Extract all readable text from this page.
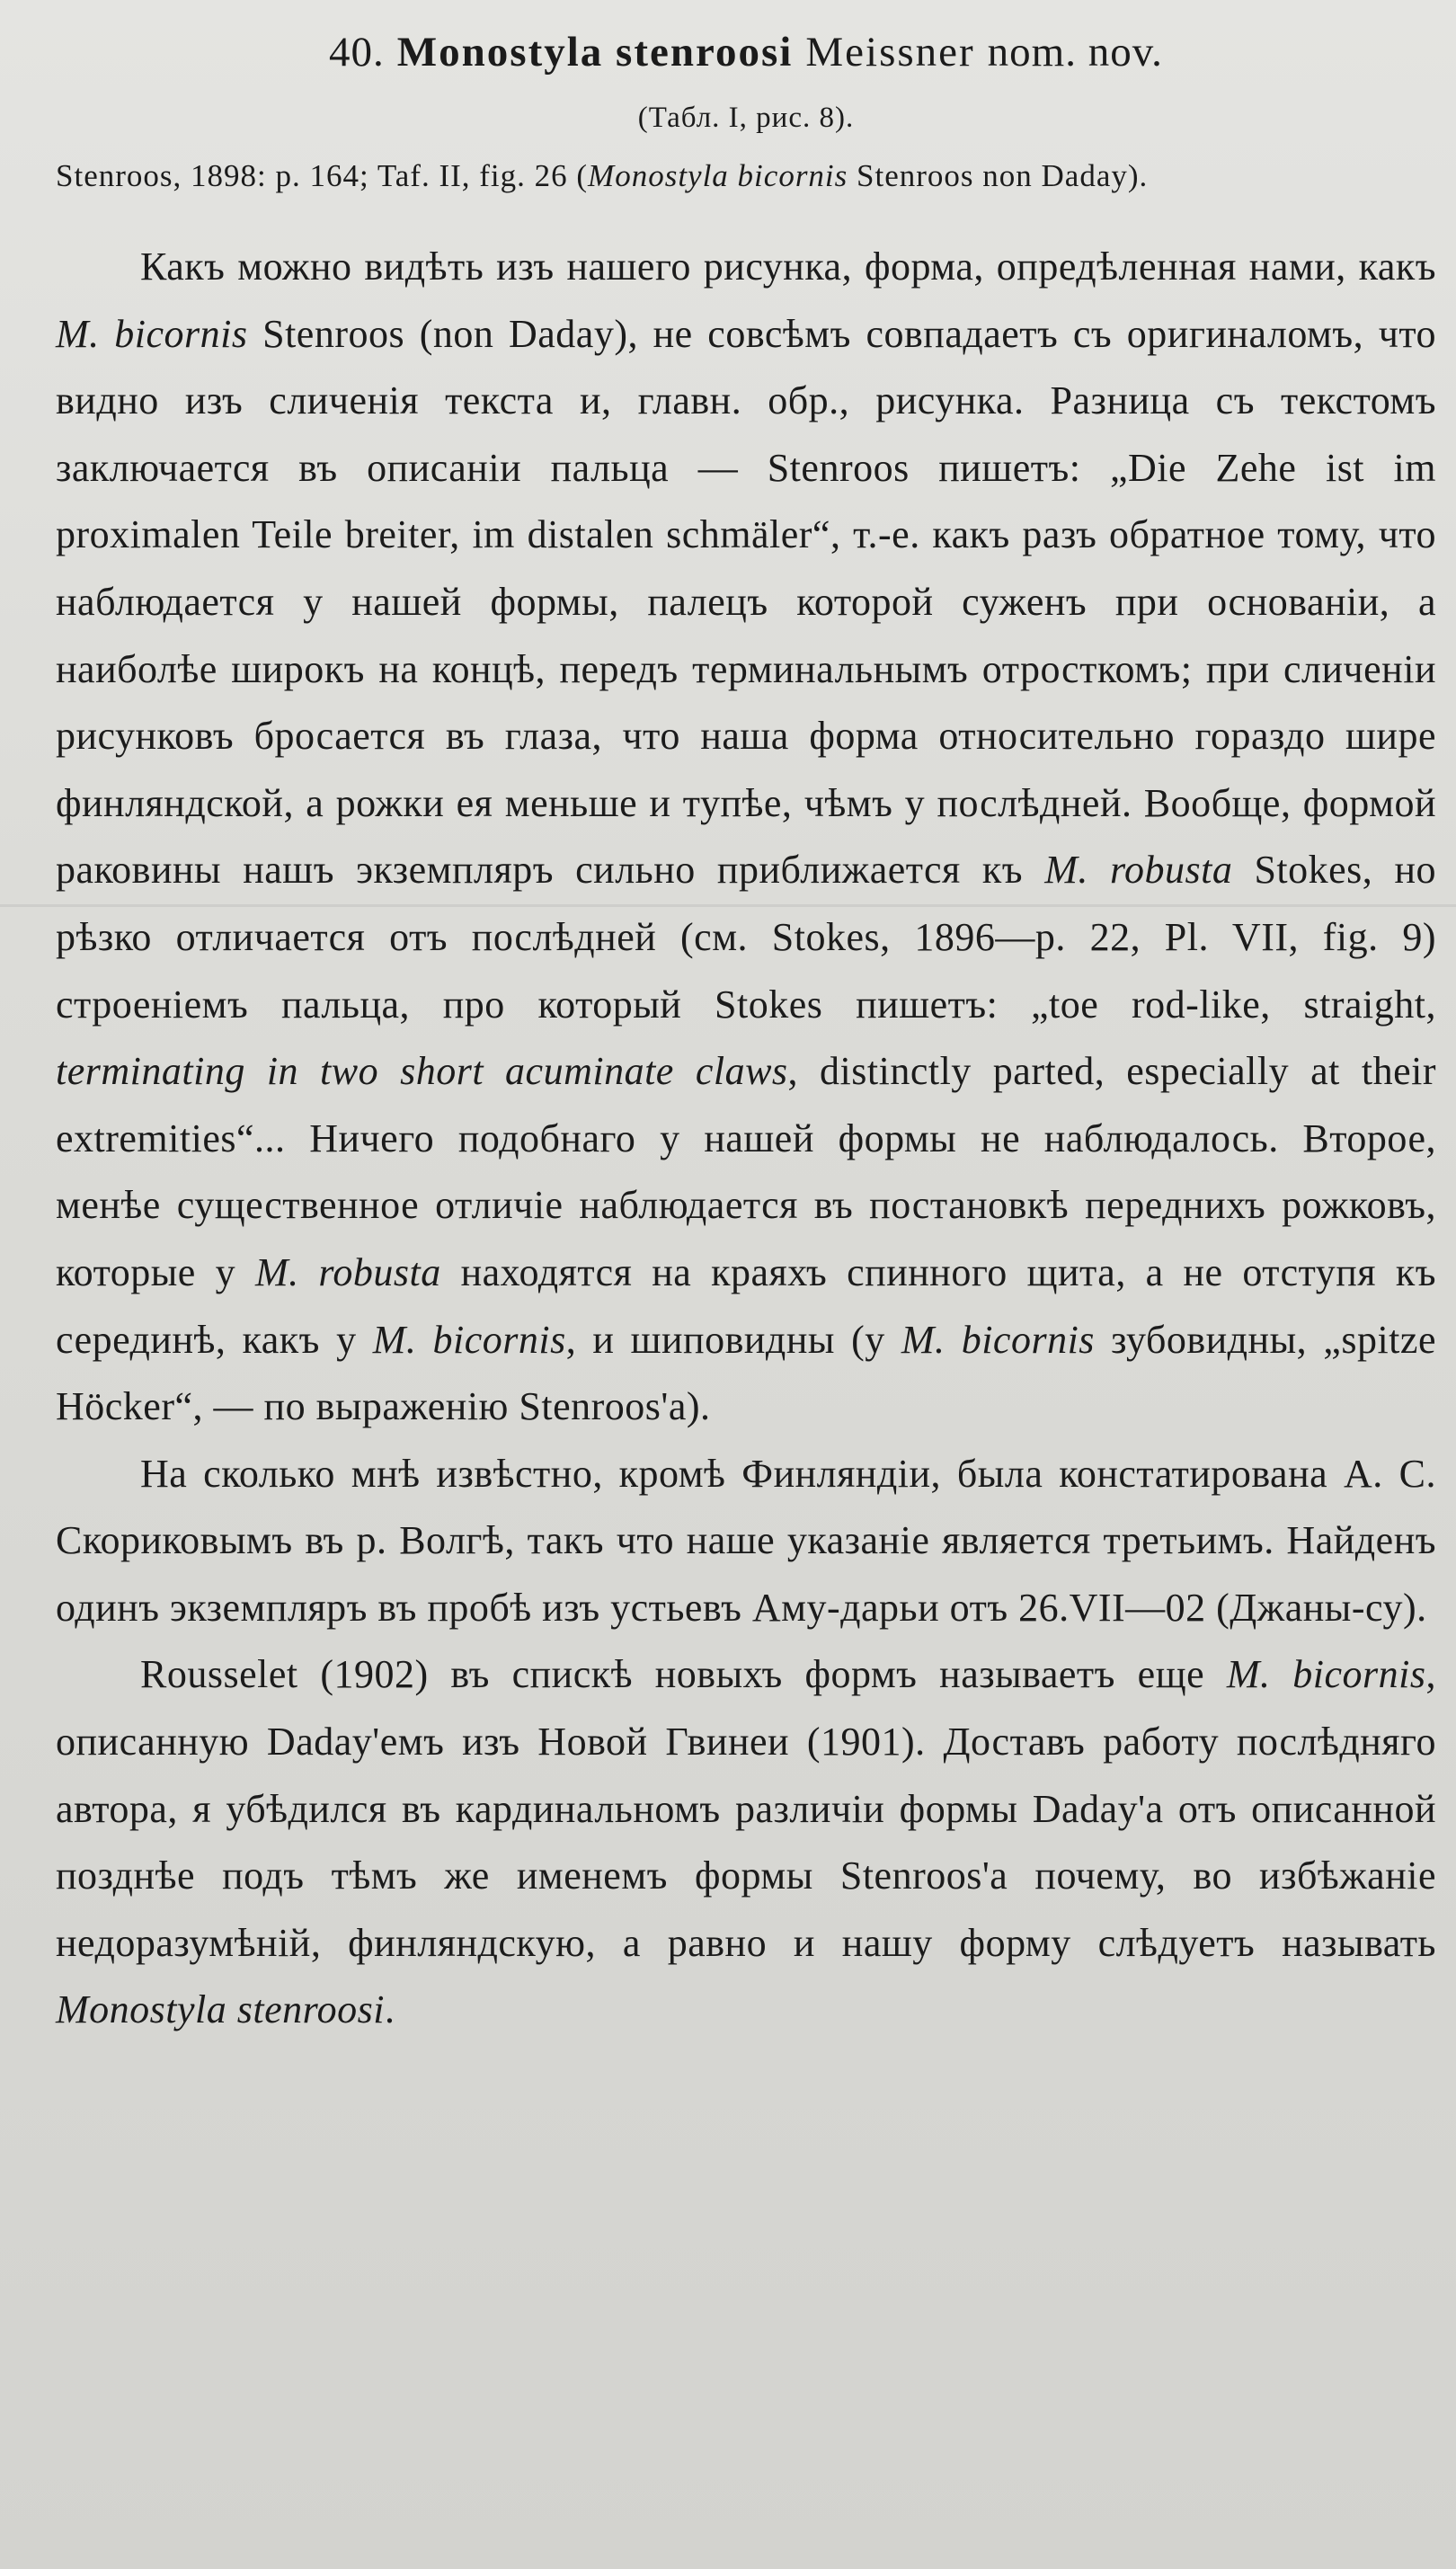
40. Monostyla stenroosi Meissner nom. nov.
(Табл. I, рис. 8).
Stenroos, 1898: p. 164; Taf. II, fig. 26 (Monostyla bicornis Stenroos non Daday).

Какъ можно видѣть изъ нашего рисунка, форма, опредѣленная нами, какъ M. bicornis Stenroos (non Daday), не совсѣмъ совпадаетъ съ оригиналомъ, что видно изъ сличенія текста и, главн. обр., рисунка. Разница съ текстомъ заключается въ описаніи пальца — Stenroos пишетъ: „Die Zehe ist im proximalen Teile breiter, im distalen schmäler“, т.-е. какъ разъ обратное тому, что наблюдается у нашей формы, палецъ которой суженъ при основаніи, а наиболѣе широкъ на концѣ, передъ терминальнымъ отросткомъ; при сличеніи рисунковъ бросается въ глаза, что наша форма относительно гораздо шире финляндской, а рожки ея меньше и тупѣе, чѣмъ у послѣдней. Вообще, формой раковины нашъ экземпляръ сильно приближается къ M. robusta Stokes, но рѣзко отличается отъ послѣдней (см. Stokes, 1896—p. 22, Pl. VII, fig. 9) строеніемъ пальца, про который Stokes пишетъ: „toe rod-like, straight, terminating in two short acuminate claws, distinctly parted, especially at their extremities“... Ничего подобнаго у нашей формы не наблюдалось. Второе, менѣе существенное отличіе наблюдается въ постановкѣ переднихъ рожковъ, которые у M. robusta находятся на краяхъ спинного щита, а не отступя къ серединѣ, какъ у M. bicornis, и шиповидны (у M. bicornis зубовидны, „spitze Höcker“, — по выраженію Stenroos'а).

На сколько мнѣ извѣстно, кромѣ Финляндіи, была констатирована А. С. Скориковымъ въ р. Волгѣ, такъ что наше указаніе является третьимъ. Найденъ одинъ экземпляръ въ пробѣ изъ устьевъ Аму-дарьи отъ 26.VII—02 (Джаны-су).

Rousselet (1902) въ спискѣ новыхъ формъ называетъ еще M. bicornis, описанную Daday'емъ изъ Новой Гвинеи (1901). Доставъ работу послѣдняго автора, я убѣдился въ кардинальномъ различіи формы Daday'а отъ описанной позднѣе подъ тѣмъ же именемъ формы Stenroos'а почему, во избѣжаніе недоразумѣній, финляндскую, а равно и нашу форму слѣдуетъ называть Monostyla stenroosi.
